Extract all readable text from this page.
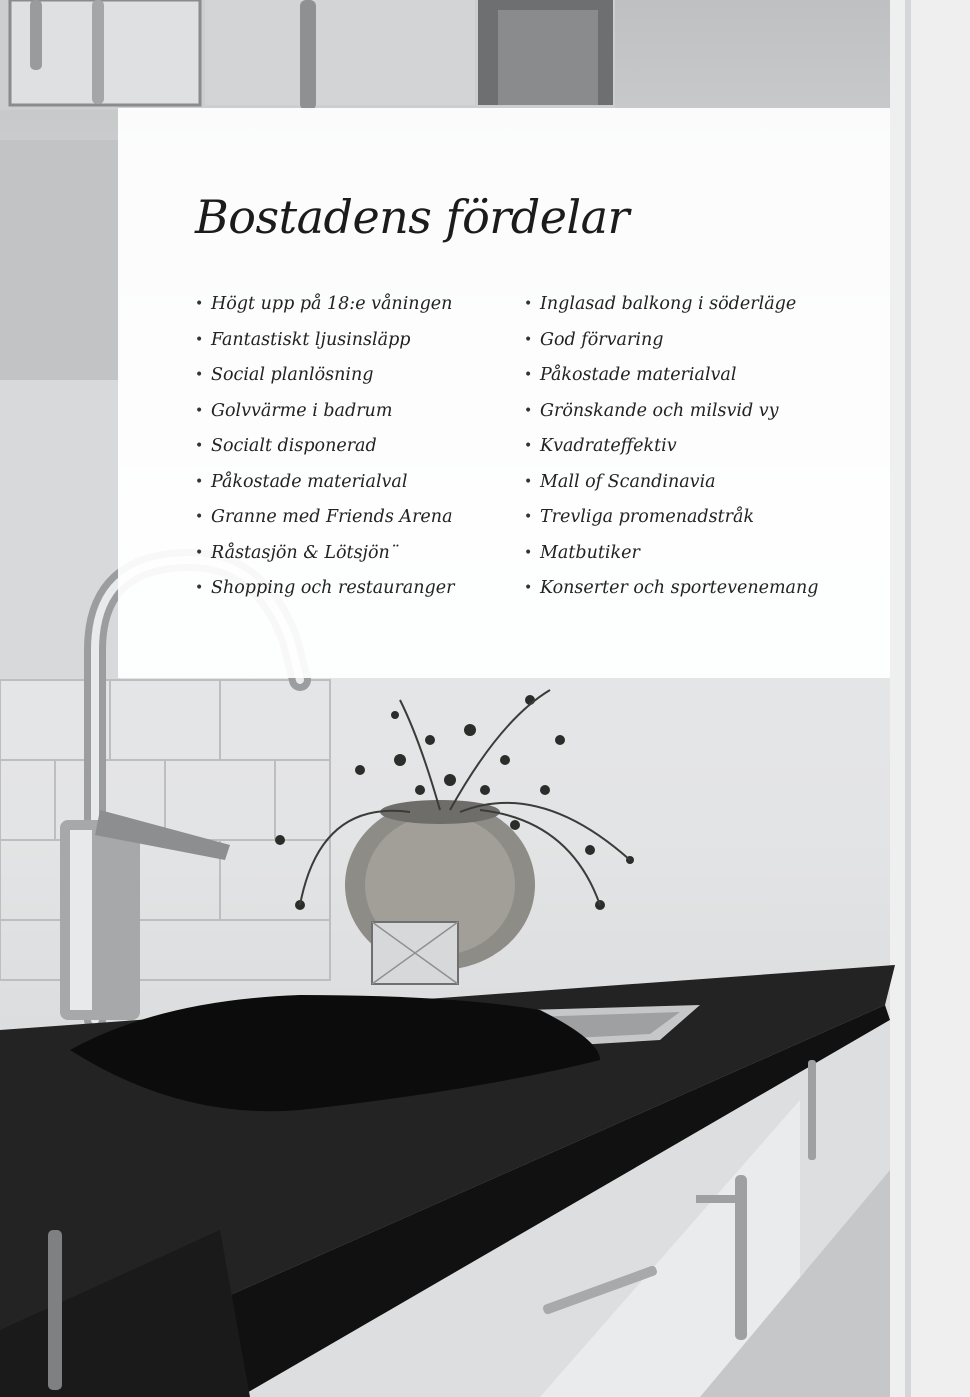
Bostadens fördelar
• Högt upp på 18:e våningen
• Fantastiskt ljusinsläpp
• Social planlösning
• Golvvärme i badrum
• Socialt disponerad
• Påkostade materialval
• Granne med Friends Arena
• Råstasjön & Lötsjön¨
• Shopping och restauranger
• Inglasad balkong i söderläge
• God förvaring
• Påkostade materialval
• Grönskande och milsvid vy
• Kvadrateffektiv
• Mall of Scandinavia
• Trevliga promenadstråk
• Matbutiker
• Konserter och sportevenemang
